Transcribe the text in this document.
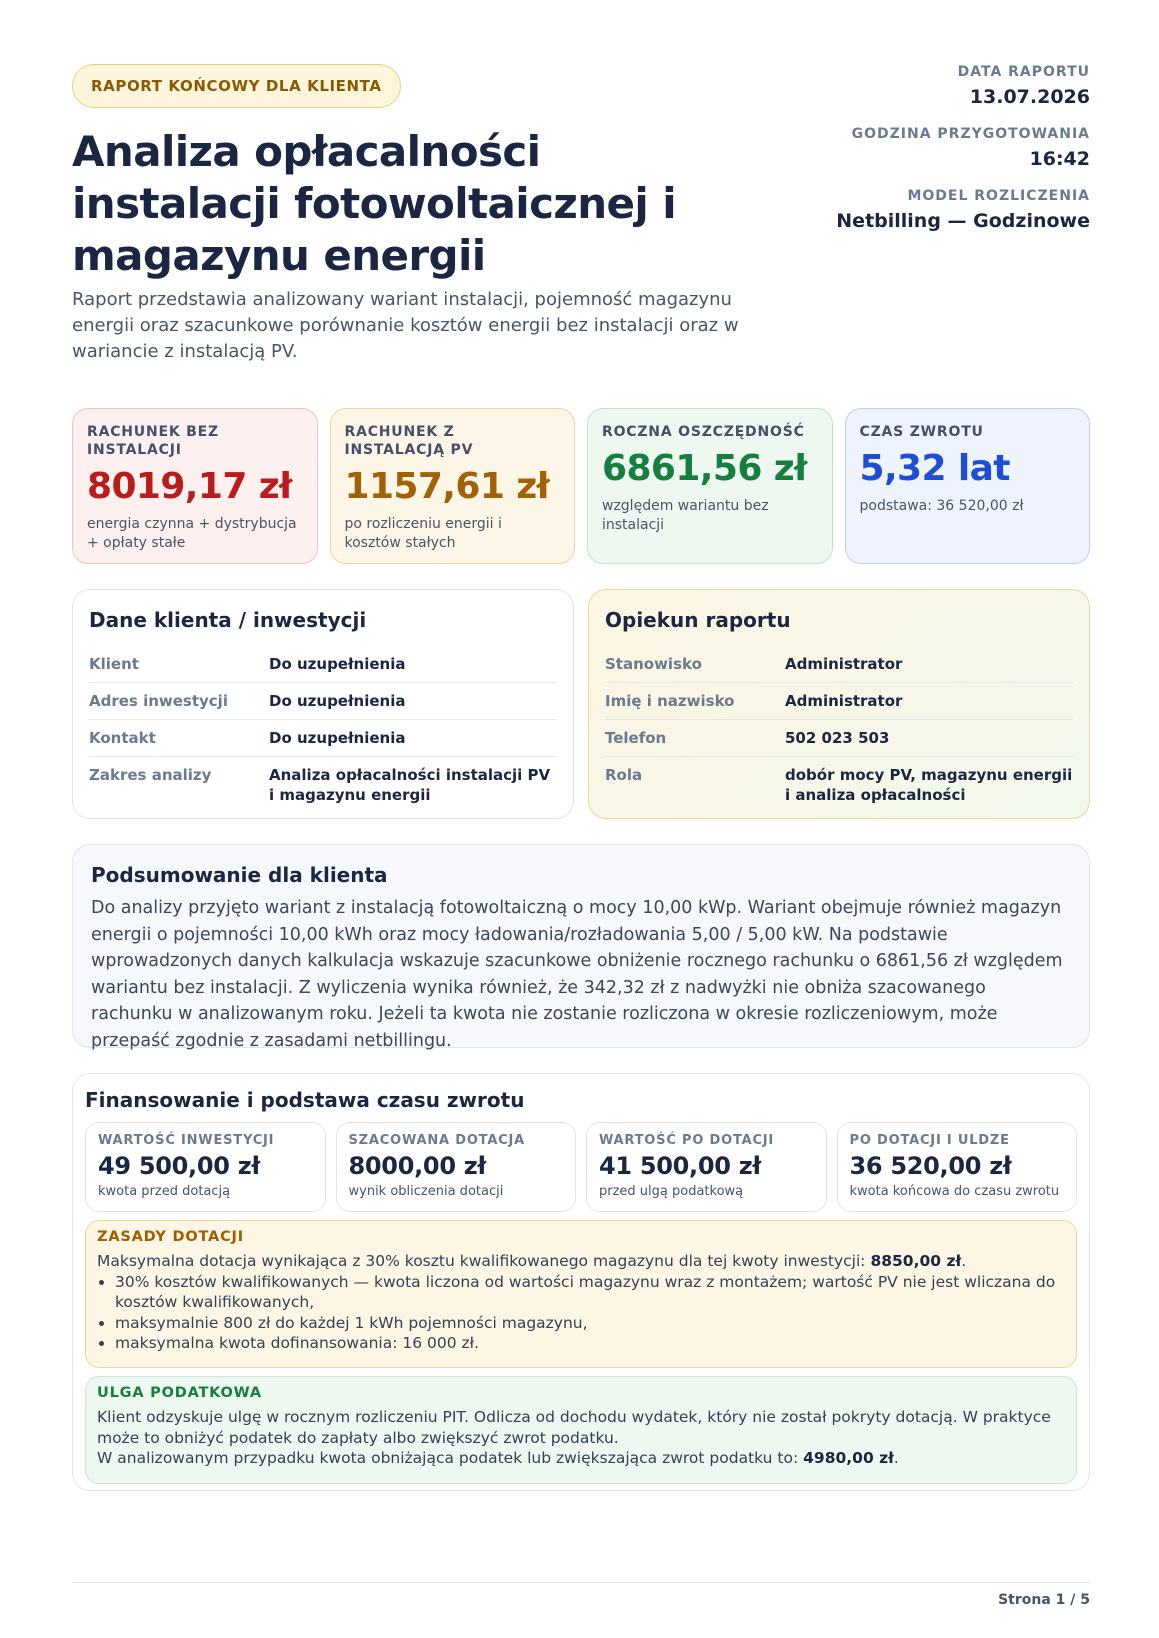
RAPORT KOŃCOWY DLA KLIENTA
Analiza opłacalności instalacji fotowoltaicznej i magazynu energii

Raport przedstawia analizowany wariant instalacji, pojemność magazynu energii oraz szacunkowe porównanie kosztów energii bez instalacji oraz w wariancie z instalacją PV.

DATA RAPORTU
13.07.2026
GODZINA PRZYGOTOWANIA
16:42
MODEL ROZLICZENIA
Netbilling — Godzinowe
RACHUNEK BEZ INSTALACJI
8019,17 zł
energia czynna + dystrybucja + opłaty stałe
RACHUNEK Z INSTALACJĄ PV
1157,61 zł
po rozliczeniu energii i kosztów stałych
ROCZNA OSZCZĘDNOŚĆ
6861,56 zł
względem wariantu bez instalacji
CZAS ZWROTU
5,32 lat
podstawa: 36 520,00 zł
Dane klienta / inwestycji
Klient	Do uzupełnienia
Adres inwestycji	Do uzupełnienia
Kontakt	Do uzupełnienia
Zakres analizy	Analiza opłacalności instalacji PV i magazynu energii
Opiekun raportu
Stanowisko	Administrator
Imię i nazwisko	Administrator
Telefon	502 023 503
Rola	dobór mocy PV, magazynu energii i analiza opłacalności
Podsumowanie dla klienta

Do analizy przyjęto wariant z instalacją fotowoltaiczną o mocy 10,00 kWp. Wariant obejmuje również magazyn energii o pojemności 10,00 kWh oraz mocy ładowania/rozładowania 5,00 / 5,00 kW. Na podstawie wprowadzonych danych kalkulacja wskazuje szacunkowe obniżenie rocznego rachunku o 6861,56 zł względem wariantu bez instalacji. Z wyliczenia wynika również, że 342,32 zł z nadwyżki nie obniża szacowanego rachunku w analizowanym roku. Jeżeli ta kwota nie zostanie rozliczona w okresie rozliczeniowym, może przepaść zgodnie z zasadami netbillingu.

Finansowanie i podstawa czasu zwrotu
WARTOŚĆ INWESTYCJI
49 500,00 zł
kwota przed dotacją
SZACOWANA DOTACJA
8000,00 zł
wynik obliczenia dotacji
WARTOŚĆ PO DOTACJI
41 500,00 zł
przed ulgą podatkową
PO DOTACJI I ULDZE
36 520,00 zł
kwota końcowa do czasu zwrotu
ZASADY DOTACJI

Maksymalna dotacja wynikająca z 30% kosztu kwalifikowanego magazynu dla tej kwoty inwestycji: 8850,00 zł.

• 30% kosztów kwalifikowanych — kwota liczona od wartości magazynu wraz z montażem; wartość PV nie jest wliczana do kosztów kwalifikowanych,
• maksymalnie 800 zł do każdej 1 kWh pojemności magazynu,
• maksymalna kwota dofinansowania: 16 000 zł.
ULGA PODATKOWA

Klient odzyskuje ulgę w rocznym rozliczeniu PIT. Odlicza od dochodu wydatek, który nie został pokryty dotacją. W praktyce może to obniżyć podatek do zapłaty albo zwiększyć zwrot podatku.

W analizowanym przypadku kwota obniżająca podatek lub zwiększająca zwrot podatku to: 4980,00 zł.

Strona 1 / 5
